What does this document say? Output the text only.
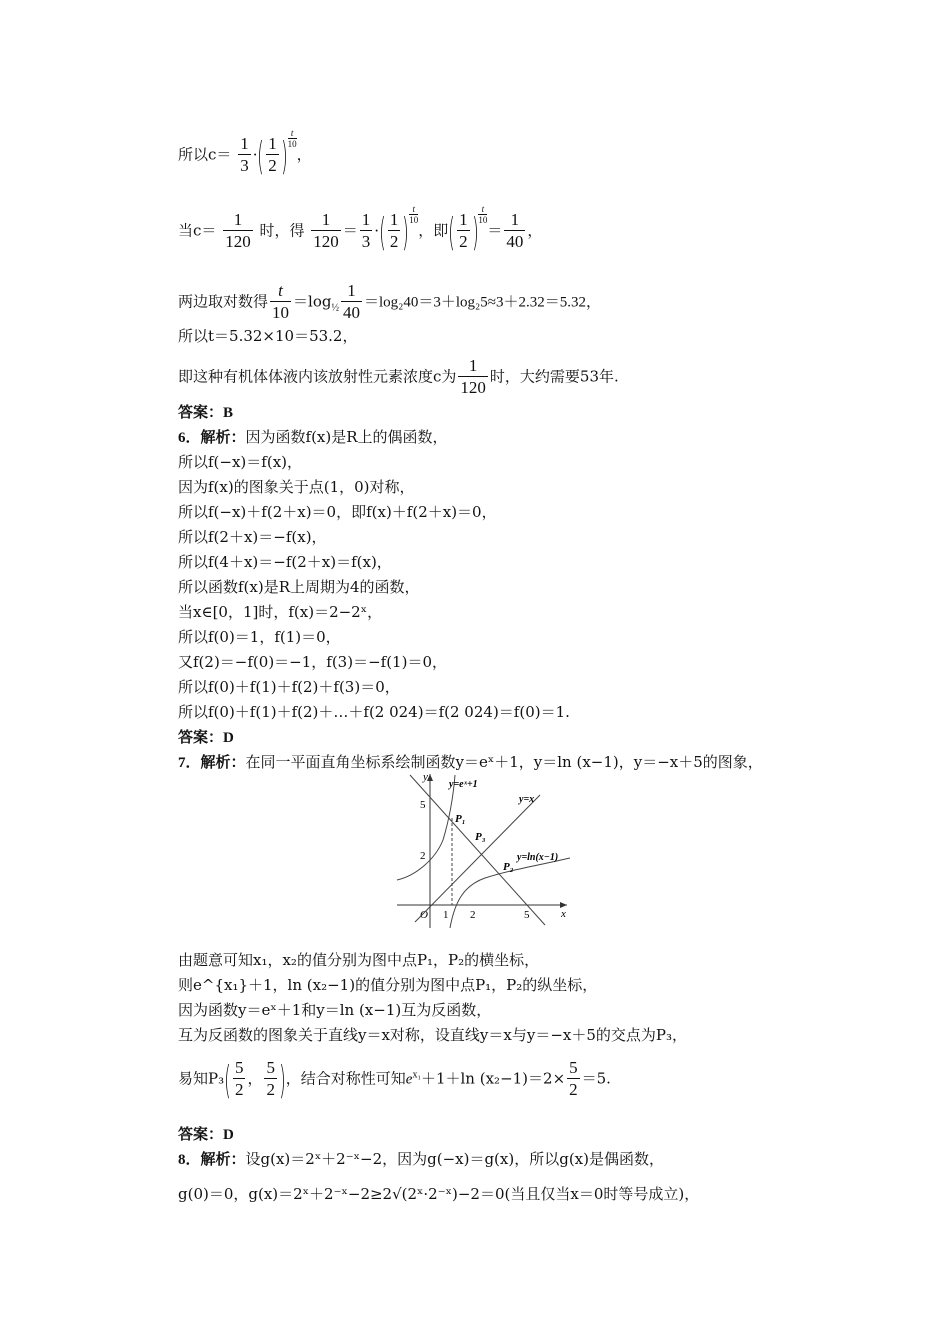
所以$c= \frac{1}{3}$ ·( $\frac{1}{2}$ ) $\frac{t}{10}$
，
当$c= \frac{1}{120}$ 时，得 $\frac{1}{120} = \frac{1}{3}$ ·( $\frac{1}{2}$ ) $\frac{t}{10}$
，即( $\frac{1}{2}$ ) $\frac{t}{10}$
＝ $\frac{1}{40}$ ，
两边取对数得 $\frac{t}{10} =\log_{\frac{1}{2}} \frac{1}{40} =\log_240=3+\log_25\approx 3+2.32=5.32$，
所以t＝5.32×10＝53.2，
即这种有机体体液内该放射性元素浓度c为 $\frac{1}{120}$ 时，大约需要53年.
答案：B
6．解析：因为函数f(x)是R上的偶函数，
所以f(−x)＝f(x)，
因为f(x)的图象关于点(1，0)对称，
所以f(−x)＋f(2＋x)＝0，即f(x)＋f(2＋x)＝0，
所以f(2＋x)＝−f(x)，
所以f(4＋x)＝−f(2＋x)＝f(x)，
所以函数f(x)是R上周期为4的函数，
当x∈[0，1]时，f(x)＝2−2ˣ，
所以f(0)＝1，f(1)＝0，
又f(2)＝−f(0)＝−1，f(3)＝−f(1)＝0，
所以f(0)＋f(1)＋f(2)＋f(3)＝0，
所以f(0)＋f(1)＋f(2)＋…＋f(2 024)＝f(2 024)＝f(0)＝1.
答案：D
7．解析：在同一平面直角坐标系绘制函数y＝eˣ＋1，y＝ln (x−1)，y＝−x＋5的图象，
y
x
O
5
2
1 2	5
y=x
y=eˣ+1
y=ln(x−1)
P₁
P₃
P₂
由题意可知x₁，x₂的值分别为图中点P₁，P₂的横坐标，
则e^{x₁}＋1，ln (x₂−1)的值分别为图中点P₁，P₂的纵坐标，
因为函数y＝eˣ＋1和y＝ln (x−1)互为反函数，
互为反函数的图象关于直线y＝x对称，设直线y＝x与y＝−x＋5的交点为P₃，
易知$P_3( \frac{5}{2}$ ， $\frac{5}{2}$ )，结合对称性可知$e^{x_1}+1+\ln$ $(x_2-1)=2\times \frac{5}{2} =5$.
答案：D
8．解析：设g(x)＝2ˣ＋2⁻ˣ−2，因为g(−x)＝g(x)，所以g(x)是偶函数，
g(0)＝0，g(x)＝2ˣ＋2⁻ˣ−2≥2√(2ˣ·2⁻ˣ)−2＝0(当且仅当x＝0时等号成立)，
